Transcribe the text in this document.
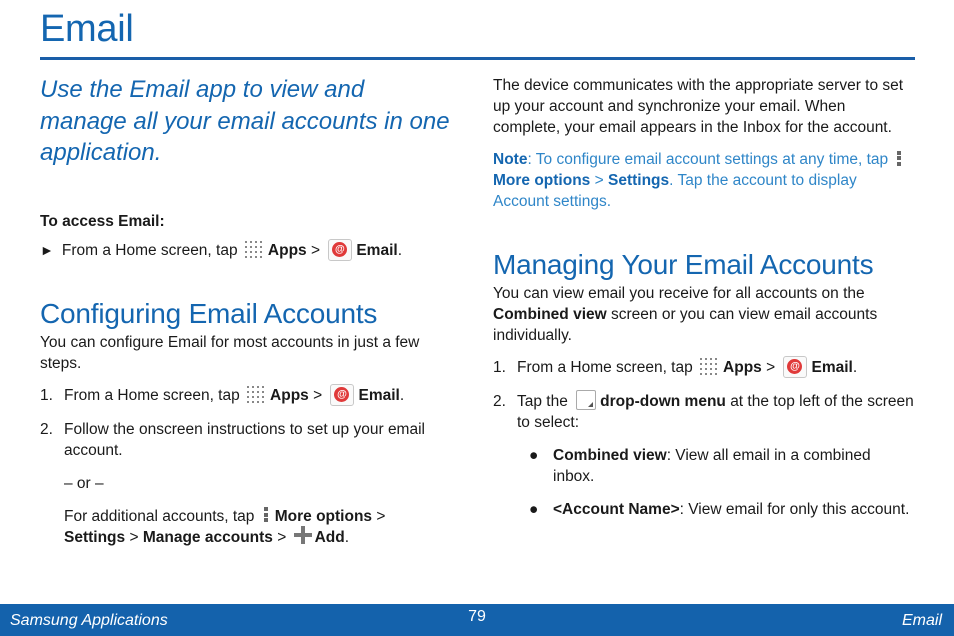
Email

Use the Email app to view and manage all your email accounts in one application.

To access Email:

► From a Home screen, tap Apps > @ Email.

Configuring Email Accounts

You can configure Email for most accounts in just a few steps.

1. From a Home screen, tap Apps > @ Email.

2. Follow the onscreen instructions to set up your email account.

– or –

For additional accounts, tap More options > Settings > Manage accounts > Add.

The device communicates with the appropriate server to set up your account and synchronize your email. When complete, your email appears in the Inbox for the account.

Note: To configure email account settings at any time, tap
More options > Settings. Tap the account to display Account settings.

Managing Your Email Accounts

You can view email you receive for all accounts on the Combined view screen or you can view email accounts individually.

1. From a Home screen, tap Apps > @ Email.

2. Tap the drop-down menu at the top left of the screen to select:

● Combined view: View all email in a combined inbox.

● <Account Name>: View email for only this account.

Samsung Applications	79	Email
